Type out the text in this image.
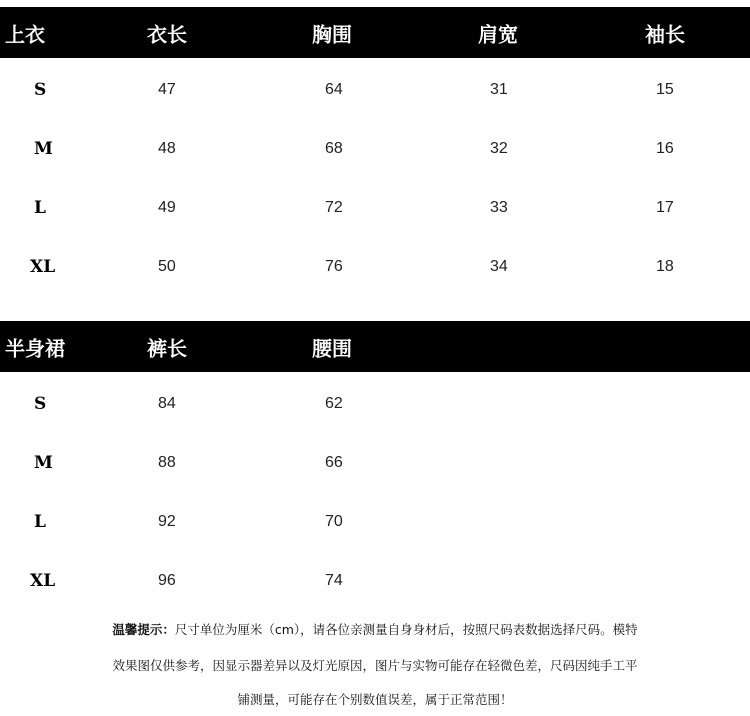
上衣	衣长	胸围	肩宽	袖长
S	47	64	31	15
M	48	68	32	16
L	49	72	33	17
XL	50	76	34	18
半身裙	裤长	腰围
S	84	62
M	88	66
L	92	70
XL	96	74
温馨提示：尺寸单位为厘米（cm），请各位亲测量自身身材后，按照尺码表数据选择尺码。模特
效果图仅供参考，因显示器差异以及灯光原因，图片与实物可能存在轻微色差，尺码因纯手工平
铺测量，可能存在个别数值误差，属于正常范围！
